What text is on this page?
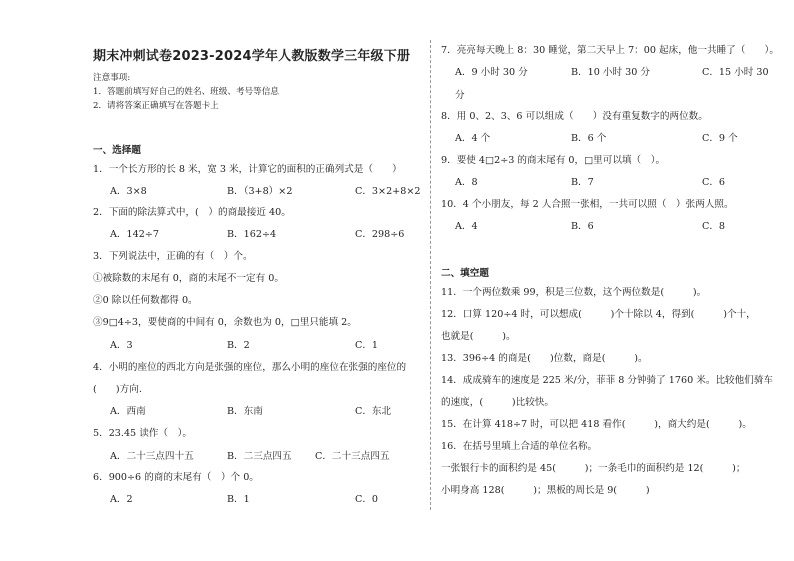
期末冲刺试卷2023-2024学年人教版数学三年级下册
注意事项:
1．答题前填写好自己的姓名、班级、考号等信息
2．请将答案正确填写在答题卡上
一、选择题
1．一个长方形的长 8 米，宽 3 米，计算它的面积的正确列式是（　　）
A．3×8	B．（3+8）×2	C．3×2+8×2
2．下面的除法算式中，(　）的商最接近 40。
A．142÷7	B．162÷4	C．298÷6
3．下列说法中，正确的有（　）个。
①被除数的末尾有 0，商的末尾不一定有 0。
②0 除以任何数都得 0。
③9□4÷3，要使商的中间有 0，余数也为 0，□里只能填 2。
A．3	B．2	C．1
4．小明的座位的西北方向是张强的座位，那么小明的座位在张强的座位的
(　　)方向.
A．西南	B．东南	C．东北
5．23.45 读作（　）。
A．二十三点四十五	B．二三点四五 C．二十三点四五
6．900÷6 的商的末尾有（　）个 0。
A．2	B．1	C．0
7．亮亮每天晚上 8：30 睡觉，第二天早上 7：00 起床，他一共睡了（　　）。
A．9 小时 30 分	B．10 小时 30 分	C．15 小时 30
分
8．用 0、2、3、6 可以组成（　　）没有重复数字的两位数。
A．4 个	B．6 个	C．9 个
9．要使 4□2÷3 的商末尾有 0，□里可以填（　）。
A．8	B．7	C．6
10．4 个小朋友，每 2 人合照一张相，一共可以照（　）张两人照。
A．4	B．6	C．8
二、填空题
11．一个两位数乘 99，积是三位数，这个两位数是(　　　)。
12．口算 120÷4 时，可以想成(　　　)个十除以 4，得到(　　　)个十，
也就是(　　　)。
13．396÷4 的商是(　　)位数，商是(　　　)。
14．成成骑车的速度是 225 米/分，菲菲 8 分钟骑了 1760 米。比较他们骑车
的速度，(　　　)比较快。
15．在计算 418÷7 时，可以把 418 看作(　　　)，商大约是(　　　)。
16．在括号里填上合适的单位名称。
一张银行卡的面积约是 45(　　　)；一条毛巾的面积约是 12(　　　)；
小明身高 128(　　　)；黑板的周长是 9(　　　)
